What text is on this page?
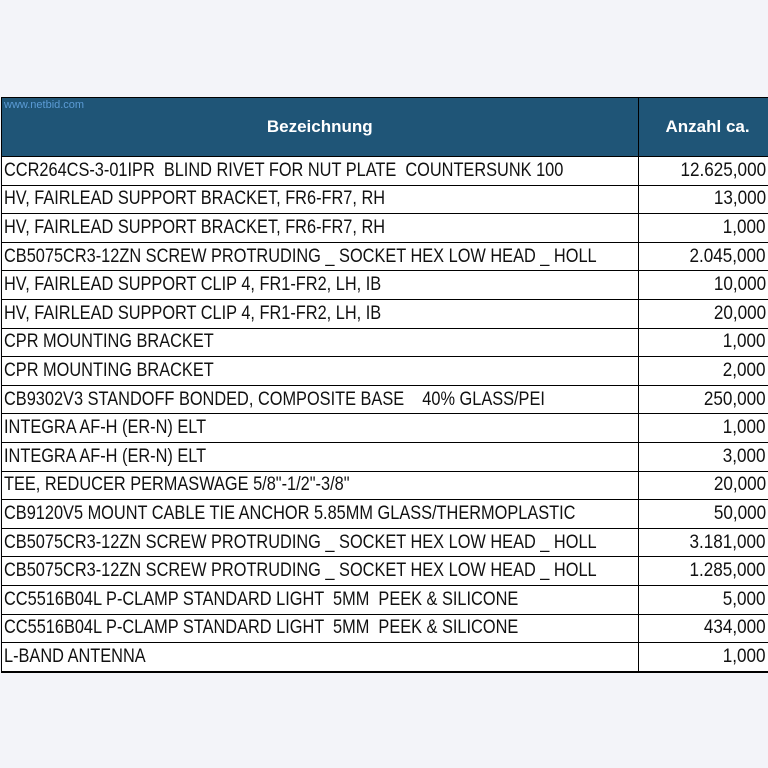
www.netbid.com
Bezeichnung	Anzahl ca.
CCR264CS-3-01IPR  BLIND RIVET FOR NUT PLATE  COUNTERSUNK 100	12.625,000
HV, FAIRLEAD SUPPORT BRACKET, FR6-FR7, RH	13,000
HV, FAIRLEAD SUPPORT BRACKET, FR6-FR7, RH	1,000
CB5075CR3-12ZN SCREW PROTRUDING _ SOCKET HEX LOW HEAD _ HOLL	2.045,000
HV, FAIRLEAD SUPPORT CLIP 4, FR1-FR2, LH, IB	10,000
HV, FAIRLEAD SUPPORT CLIP 4, FR1-FR2, LH, IB	20,000
CPR MOUNTING BRACKET	1,000
CPR MOUNTING BRACKET	2,000
CB9302V3 STANDOFF BONDED, COMPOSITE BASE    40% GLASS/PEI	250,000
INTEGRA AF-H (ER-N) ELT	1,000
INTEGRA AF-H (ER-N) ELT	3,000
TEE, REDUCER PERMASWAGE 5/8"-1/2"-3/8"	20,000
CB9120V5 MOUNT CABLE TIE ANCHOR 5.85MM GLASS/THERMOPLASTIC	50,000
CB5075CR3-12ZN SCREW PROTRUDING _ SOCKET HEX LOW HEAD _ HOLL	3.181,000
CB5075CR3-12ZN SCREW PROTRUDING _ SOCKET HEX LOW HEAD _ HOLL	1.285,000
CC5516B04L P-CLAMP STANDARD LIGHT  5MM  PEEK & SILICONE	5,000
CC5516B04L P-CLAMP STANDARD LIGHT  5MM  PEEK & SILICONE	434,000
L-BAND ANTENNA	1,000
